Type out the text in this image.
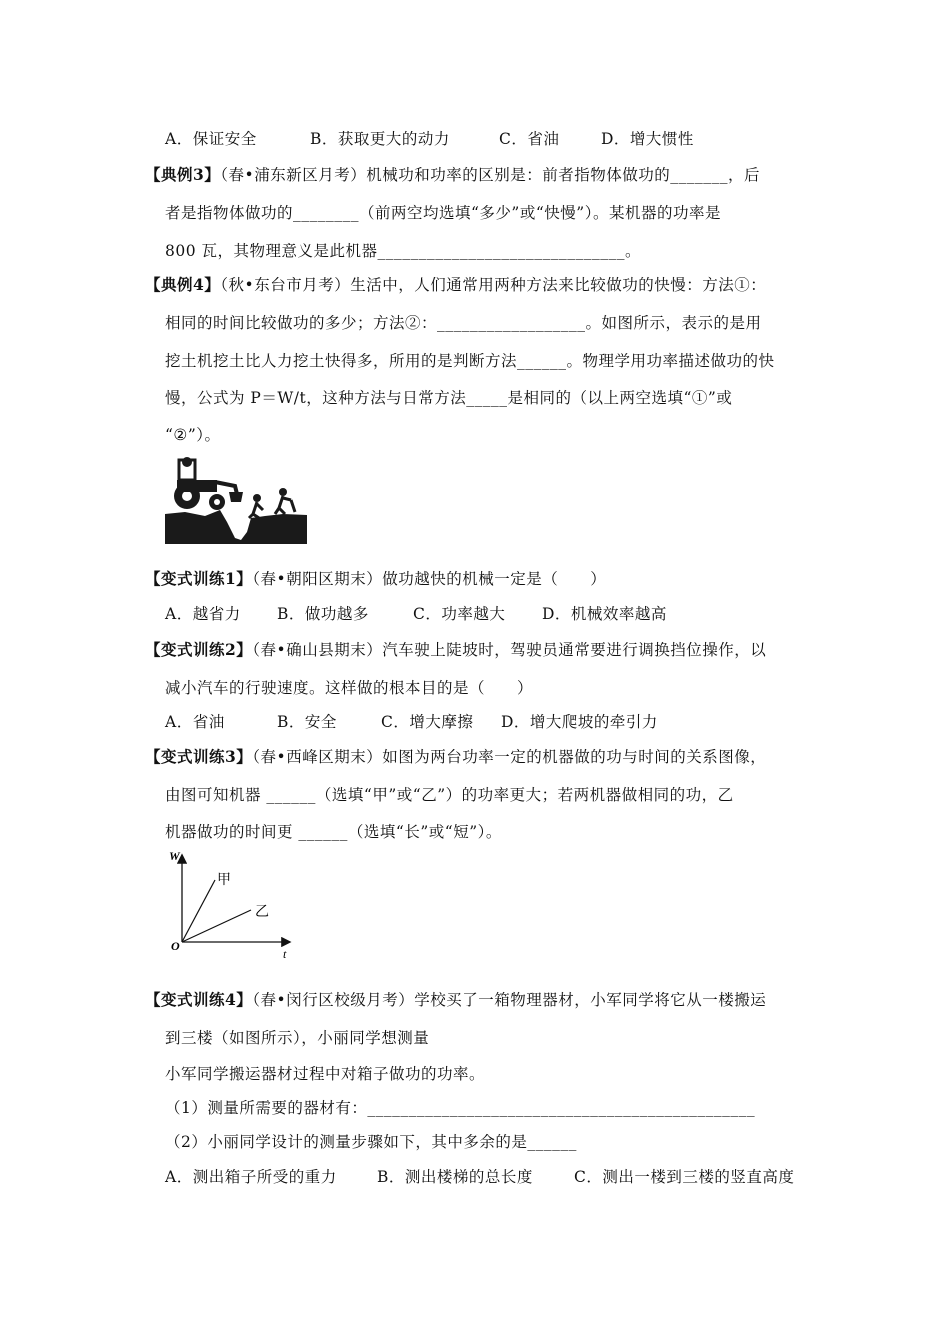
A．保证安全	B．获取更大的动力	C．省油	D．增大惯性
【典例3】（春•浦东新区月考）机械功和功率的区别是：前者指物体做功的_______，后
者是指物体做功的________（前两空均选填“多少”或“快慢”）。某机器的功率是
800 瓦，其物理意义是此机器______________________________。
【典例4】（秋•东台市月考）生活中，人们通常用两种方法来比较做功的快慢：方法①：
相同的时间比较做功的多少；方法②：__________________。如图所示，表示的是用
挖土机挖土比人力挖土快得多，所用的是判断方法______。物理学用功率描述做功的快
慢，公式为 P＝W/t，这种方法与日常方法_____是相同的（以上两空选填“①”或
“②”）。
【变式训练1】（春•朝阳区期末）做功越快的机械一定是（　　）
A．越省力 B．做功越多	C．功率越大 D．机械效率越高
【变式训练2】（春•确山县期末）汽车驶上陡坡时，驾驶员通常要进行调换挡位操作，以
减小汽车的行驶速度。这样做的根本目的是（　　）
A．省油	B．安全	C．增大摩擦 D．增大爬坡的牵引力
【变式训练3】（春•西峰区期末）如图为两台功率一定的机器做的功与时间的关系图像，
由图可知机器 ______（选填“甲”或“乙”）的功率更大；若两机器做相同的功，乙
机器做功的时间更 ______（选填“长”或“短”）。
W
t
O
甲
乙
【变式训练4】（春•闵行区校级月考）学校买了一箱物理器材，小军同学将它从一楼搬运
到三楼（如图所示），小丽同学想测量
小军同学搬运器材过程中对箱子做功的功率。
（1）测量所需要的器材有：_______________________________________________
（2）小丽同学设计的测量步骤如下，其中多余的是______
A．测出箱子所受的重力	B．测出楼梯的总长度	C．测出一楼到三楼的竖直高度
